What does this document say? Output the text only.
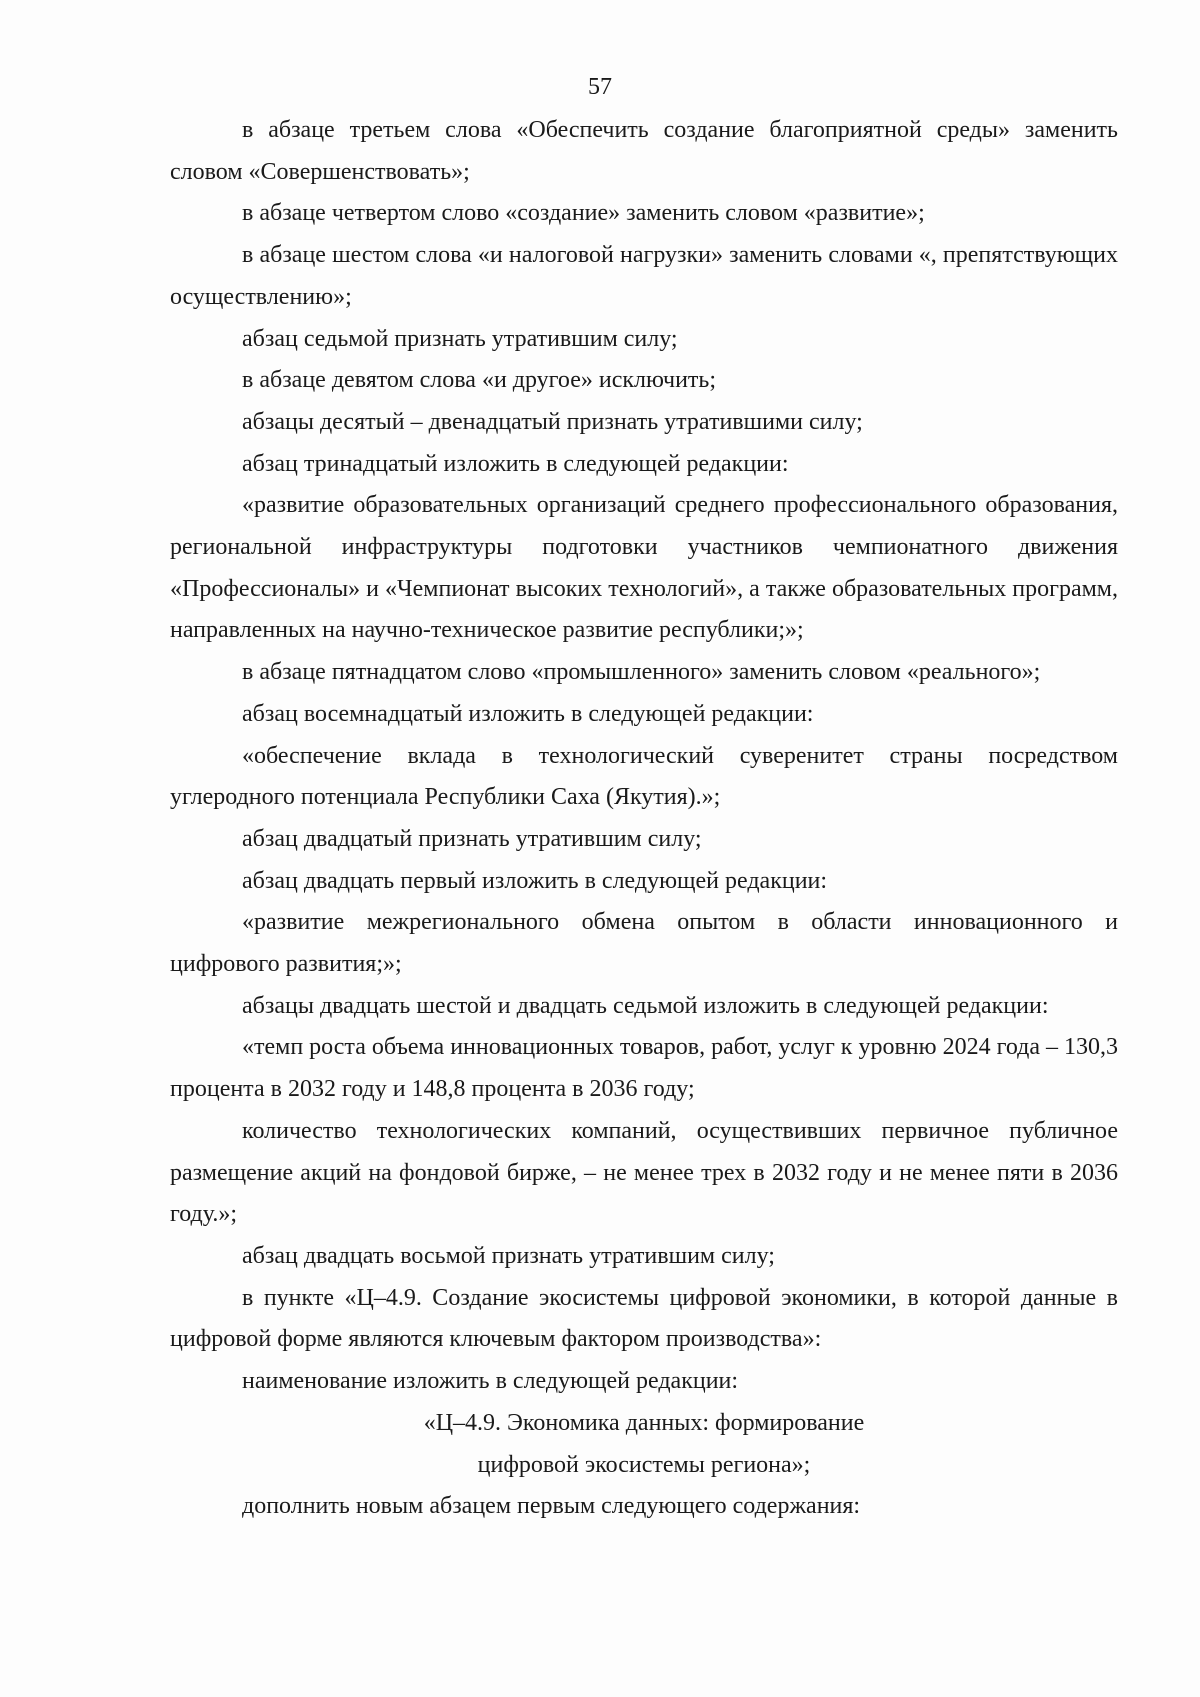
57

в абзаце третьем слова «Обеспечить создание благоприятной среды» заменить словом «Совершенствовать»;

в абзаце четвертом слово «создание» заменить словом «развитие»;

в абзаце шестом слова «и налоговой нагрузки» заменить словами «, препятствующих осуществлению»;

абзац седьмой признать утратившим силу;

в абзаце девятом слова «и другое» исключить;

абзацы десятый – двенадцатый признать утратившими силу;

абзац тринадцатый изложить в следующей редакции:

«развитие образовательных организаций среднего профессионального образования, региональной инфраструктуры подготовки участников чемпионатного движения «Профессионалы» и «Чемпионат высоких технологий», а также образовательных программ, направленных на научно-техническое развитие республики;»;

в абзаце пятнадцатом слово «промышленного» заменить словом «реального»;

абзац восемнадцатый изложить в следующей редакции:

«обеспечение вклада в технологический суверенитет страны посредством углеродного потенциала Республики Саха (Якутия).»;

абзац двадцатый признать утратившим силу;

абзац двадцать первый изложить в следующей редакции:

«развитие межрегионального обмена опытом в области инновационного и цифрового развития;»;

абзацы двадцать шестой и двадцать седьмой изложить в следующей редакции:

«темп роста объема инновационных товаров, работ, услуг к уровню 2024 года – 130,3 процента в 2032 году и 148,8 процента в 2036 году;

количество технологических компаний, осуществивших первичное публичное размещение акций на фондовой бирже, – не менее трех в 2032 году и не менее пяти в 2036 году.»;

абзац двадцать восьмой признать утратившим силу;

в пункте «Ц–4.9. Создание экосистемы цифровой экономики, в которой данные в цифровой форме являются ключевым фактором производства»:

наименование изложить в следующей редакции:

«Ц–4.9. Экономика данных: формирование

цифровой экосистемы региона»;

дополнить новым абзацем первым следующего содержания:
